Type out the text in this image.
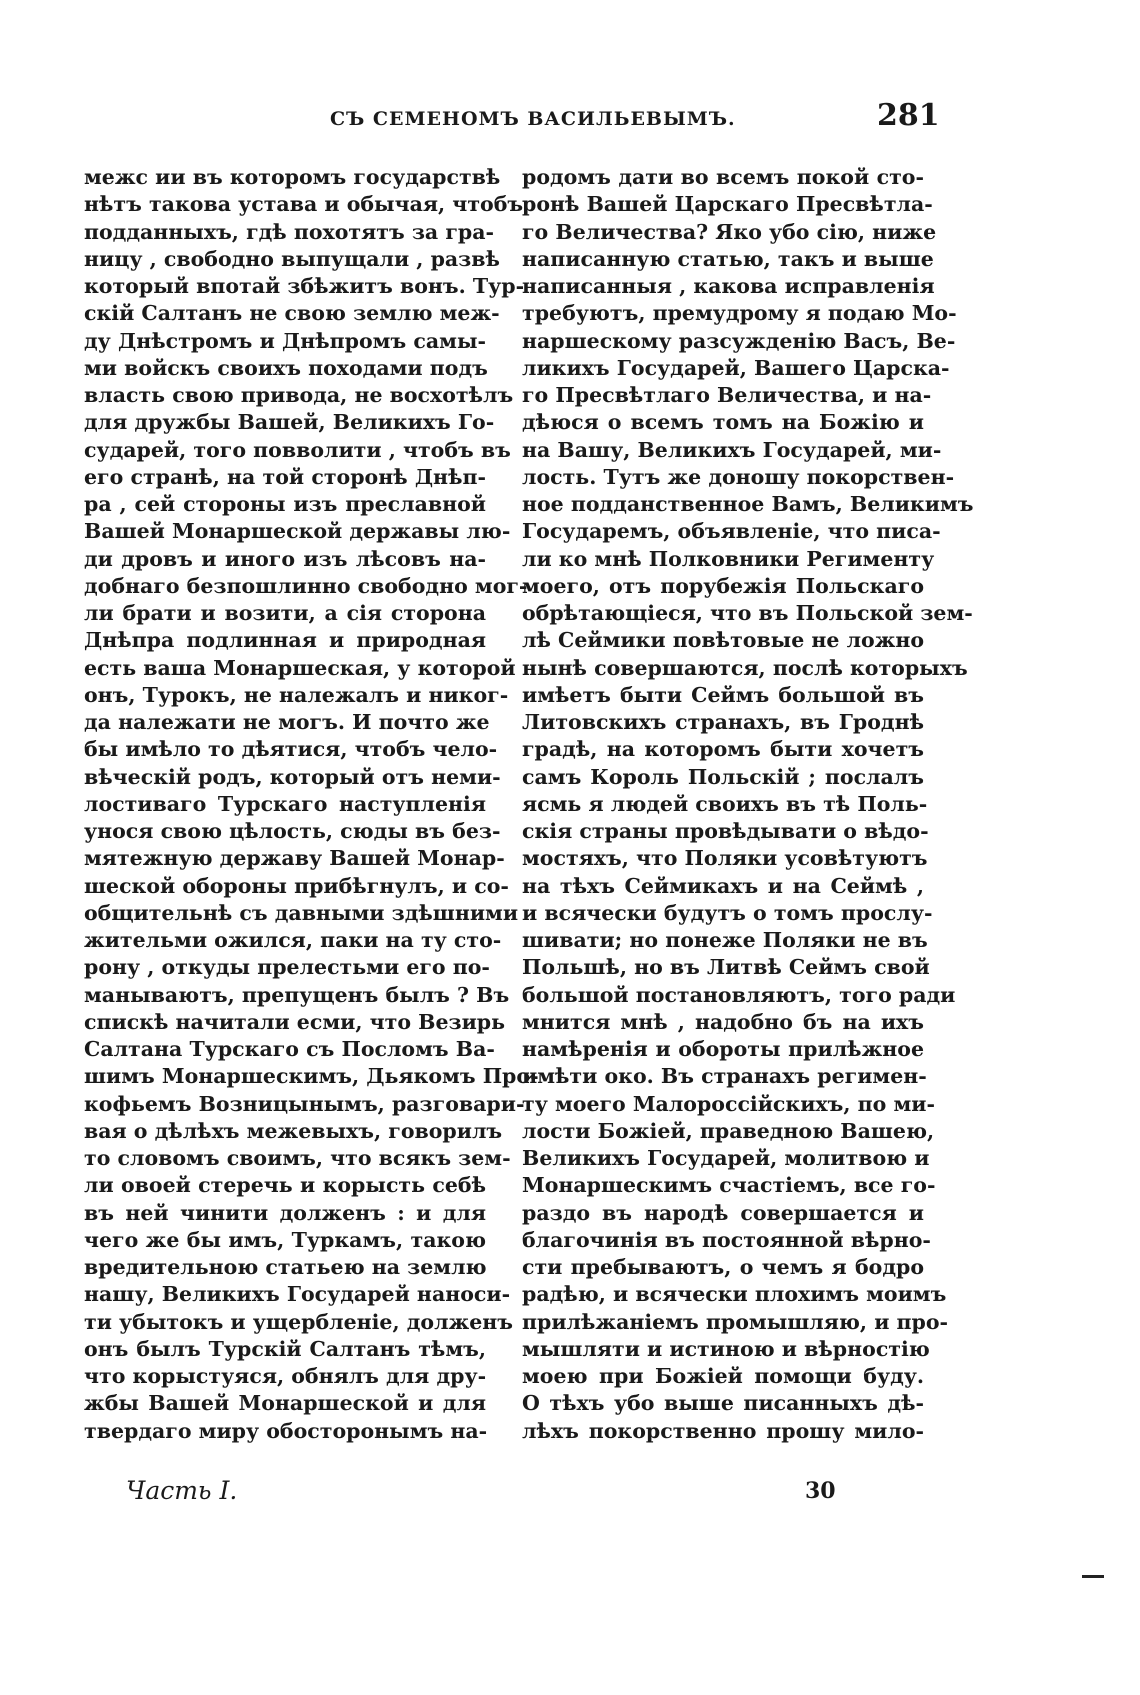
СЪ СЕМЕНОМЪ ВАСИЛЬЕВЫМЪ.	281
межс ии въ которомъ государствѣ
нѣтъ такова устава и обычая, чтобъ
подданныхъ, гдѣ похотятъ за гра-
ницу , свободно выпущали , развѣ
который впотай збѣжитъ вонъ. Тур-
скій Салтанъ не свою землю меж-
ду Днѣстромъ и Днѣпромъ самы-
ми войскъ своихъ походами подъ
власть свою привода, не восхотѣлъ
для дружбы Вашей, Великихъ Го-
сударей, того повволити , чтобъ въ
его странѣ, на той сторонѣ Днѣп-
ра , сей стороны изъ преславной
Вашей Монаршеской державы лю-
ди дровъ и иного изъ лѣсовъ на-
добнаго безпошлинно свободно мог-
ли брати и возити, а сія сторона
Днѣпра подлинная и природная
есть ваша Монаршеская, у которой
онъ, Турокъ, не належалъ и никог-
да належати не могъ. И почто же
бы имѣло то дѣятися, чтобъ чело-
вѣческій родъ, который отъ неми-
лостиваго Турскаго наступленія
унося свою цѣлость, сюды въ без-
мятежную державу Вашей Монар-
шеской обороны прибѣгнулъ, и со-
общительнѣ съ давными здѣшними
жительми ожился, паки на ту сто-
рону , откуды прелестьми его по-
манываютъ, препущенъ былъ ? Въ
спискѣ начитали есми, что Везирь
Салтана Турскаго съ Посломъ Ва-
шимъ Монаршескимъ, Дьякомъ Про-
кофьемъ Возницынымъ, разговари-
вая о дѣлѣхъ межевыхъ, говорилъ
то словомъ своимъ, что всякъ зем-
ли овоей стеречь и корысть себѣ
въ ней чинити долженъ : и для
чего же бы имъ, Туркамъ, такою
вредительною статьею на землю
нашу, Великихъ Государей наноси-
ти убытокъ и ущербленіе, долженъ
онъ былъ Турскій Салтанъ тѣмъ,
что корыстуяся, обнялъ для дру-
жбы Вашей Монаршеской и для
твердаго миру обосторонымъ на-
родомъ дати во всемъ покой сто-
ронѣ Вашей Царскаго Пресвѣтла-
го Величества? Яко убо сію, ниже
написанную статью, такъ и выше
написанныя , какова исправленія
требуютъ, премудрому я подаю Мо-
наршескому разсужденію Васъ, Ве-
ликихъ Государей, Вашего Царска-
го Пресвѣтлаго Величества, и на-
дѣюся о всемъ томъ на Божію и
на Вашу, Великихъ Государей, ми-
лость. Тутъ же доношу покорствен-
ное подданственное Вамъ, Великимъ
Государемъ, объявленіе, что писа-
ли ко мнѣ Полковники Регименту
моего, отъ порубежія Польскаго
обрѣтающіеся, что въ Польской зем-
лѣ Сеймики повѣтовые не ложно
нынѣ совершаются, послѣ которыхъ
имѣетъ быти Сеймъ большой въ
Литовскихъ странахъ, въ Гроднѣ
градѣ, на которомъ быти хочетъ
самъ Король Польскій ; послалъ
ясмь я людей своихъ въ тѣ Поль-
скія страны провѣдывати о вѣдо-
мостяхъ, что Поляки усовѣтуютъ
на тѣхъ Сеймикахъ и на Сеймѣ ,
и всячески будутъ о томъ прослу-
шивати; но понеже Поляки не въ
Польшѣ, но въ Литвѣ Сеймъ свой
большой постановляютъ, того ради
мнится мнѣ , надобно бъ на ихъ
намѣренія и обороты прилѣжное
имѣти око. Въ странахъ регимен-
ту моего Малороссійскихъ, по ми-
лости Божіей, праведною Вашею,
Великихъ Государей, молитвою и
Монаршескимъ счастіемъ, все го-
раздо въ народѣ совершается и
благочинія въ постоянной вѣрно-
сти пребываютъ, о чемъ я бодро
радѣю, и всячески плохимъ моимъ
прилѣжаніемъ промышляю, и про-
мышляти и истиною и вѣрностію
моею при Божіей помощи буду.
О тѣхъ убо выше писанныхъ дѣ-
лѣхъ покорственно прошу мило-
Часть I.	30
